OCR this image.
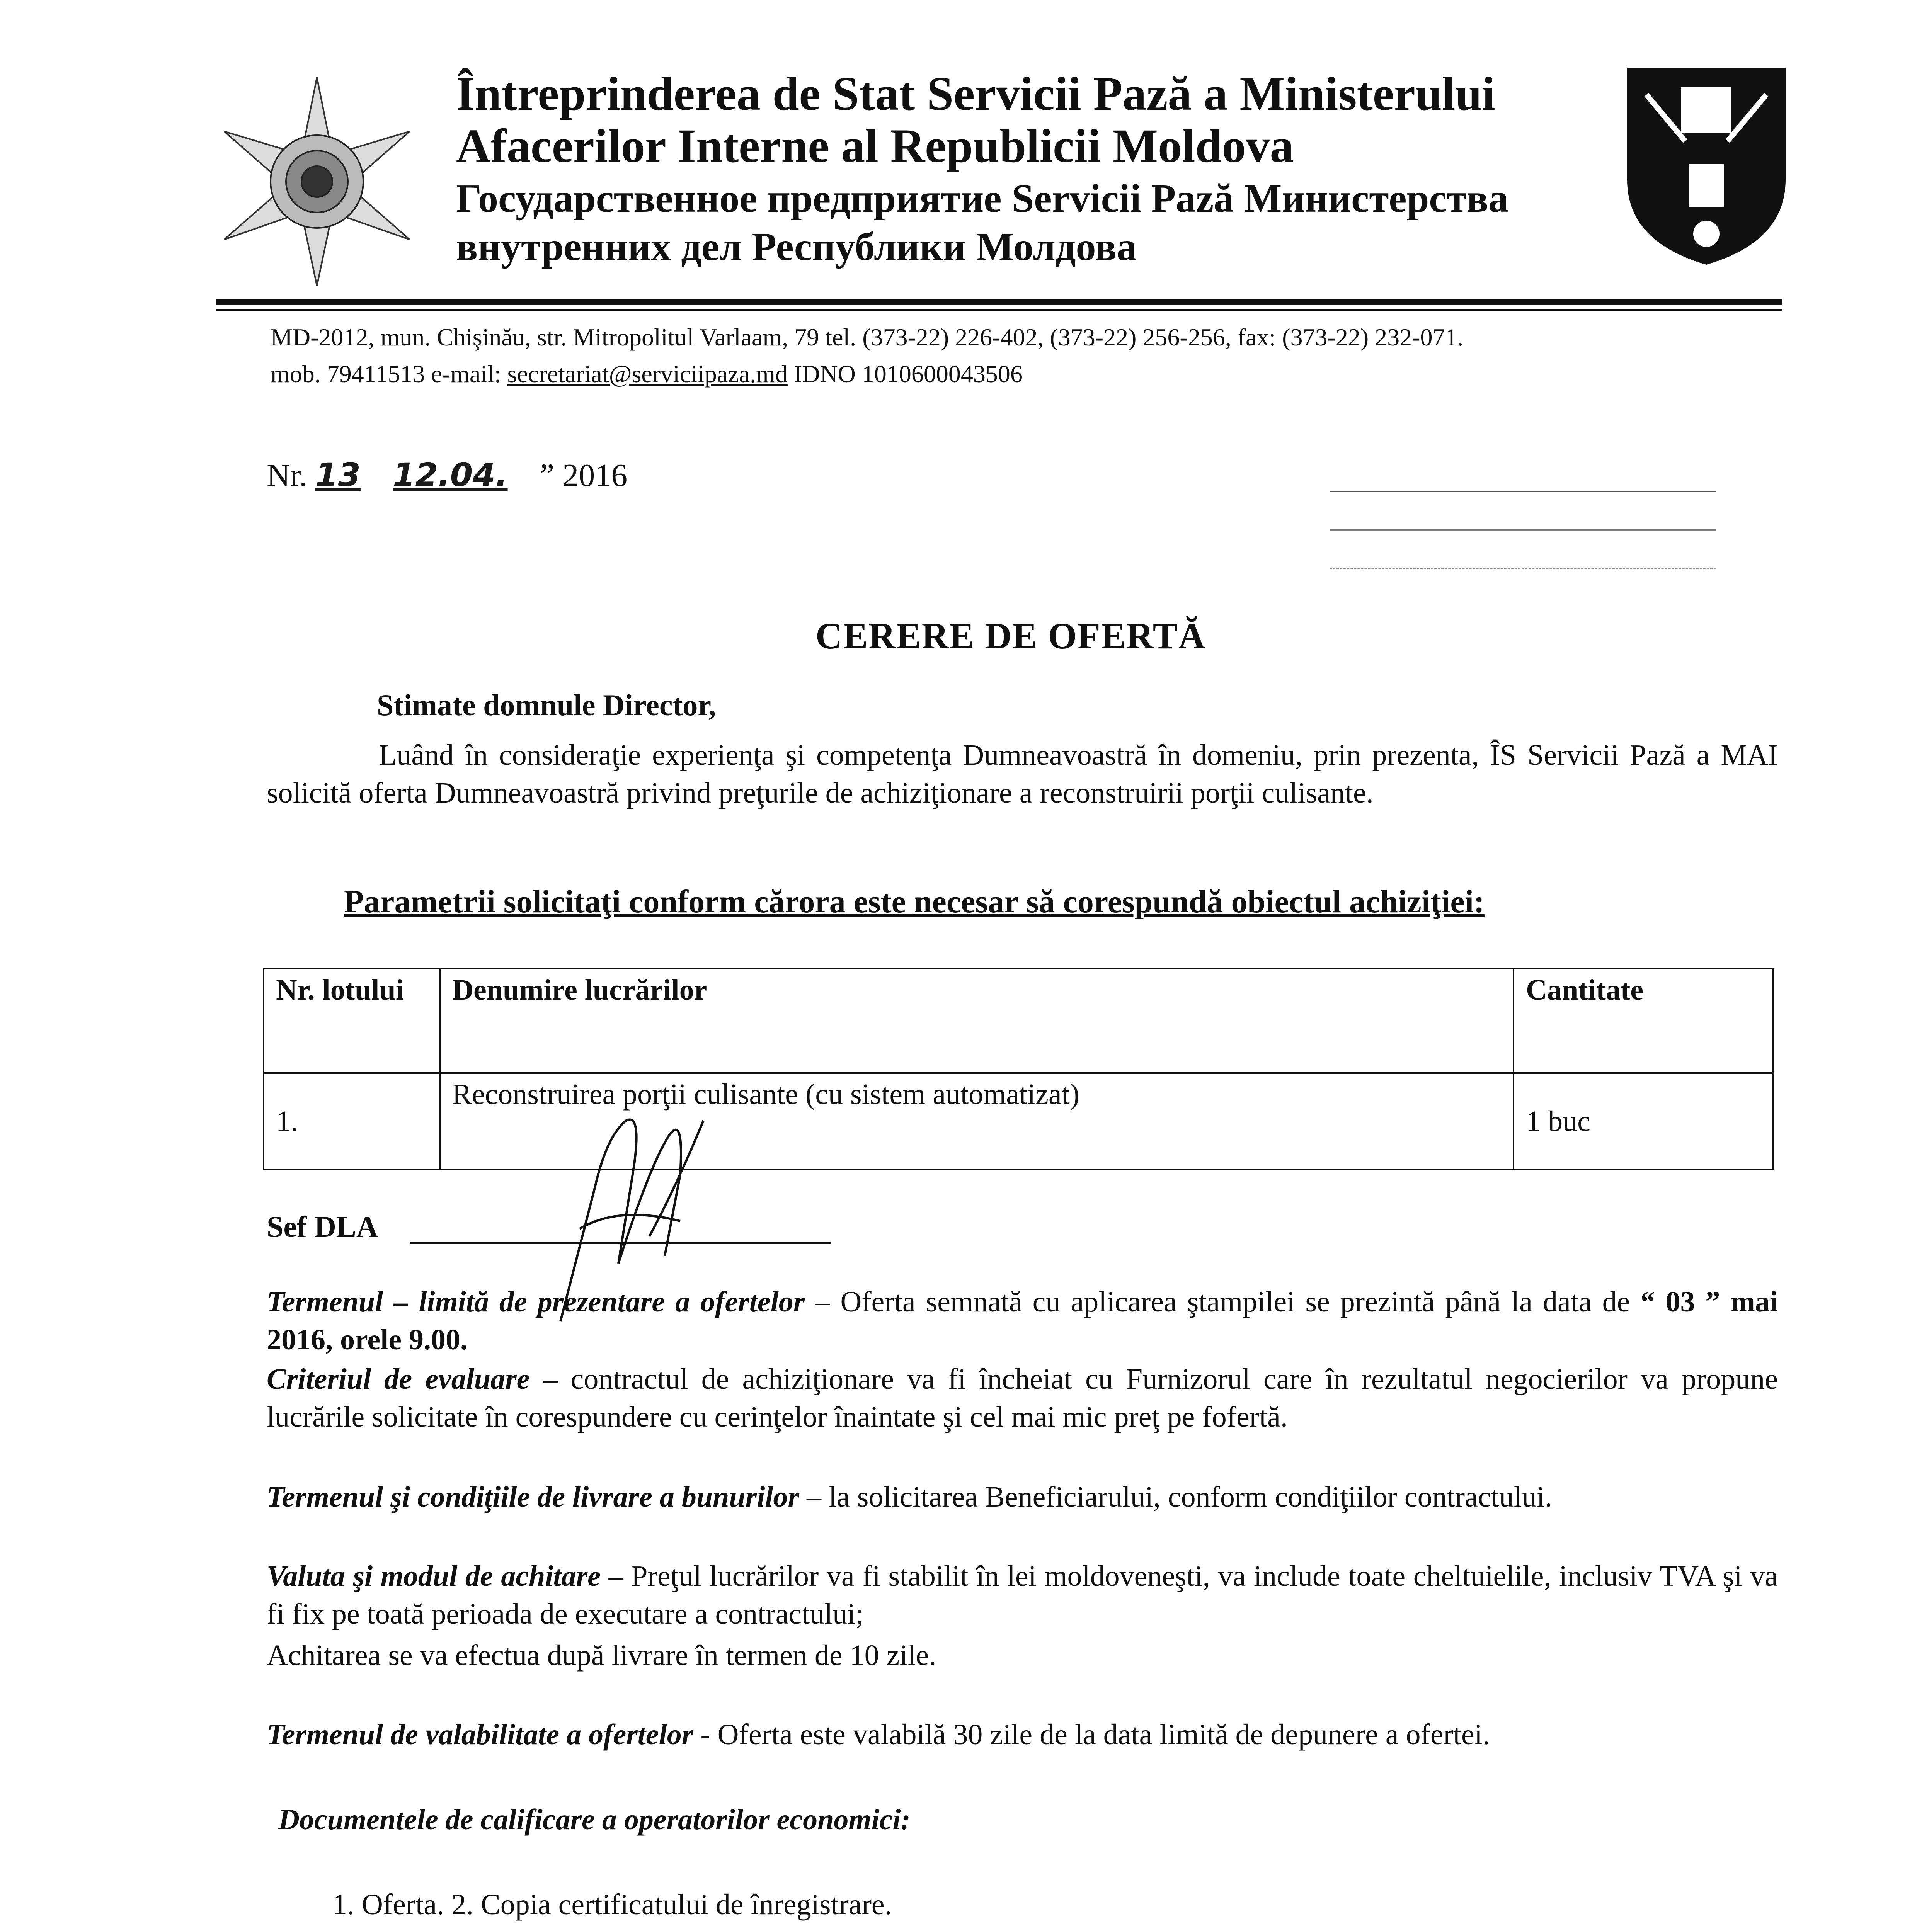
Întreprinderea de Stat Servicii Pază a Ministerului
Afacerilor Interne al Republicii Moldova
Государственное предприятие Servicii Pază Министерства
внутренних дел Республики Молдова
MD-2012, mun. Chişinău, str. Mitropolitul Varlaam, 79 tel. (373-22) 226-402, (373-22) 256-256, fax: (373-22) 232-071.
mob. 79411513 e-mail: secretariat@serviciipaza.md IDNO 1010600043506
Nr. 13 12.04. ” 2016
CERERE DE OFERTĂ
Stimate domnule Director,
Luând în consideraţie experienţa şi competenţa Dumneavoastră în domeniu, prin prezenta, ÎS Servicii Pază a MAI solicită oferta Dumneavoastră privind preţurile de achiziţionare a reconstruirii porţii culisante.
Parametrii solicitaţi conform cărora este necesar să corespundă obiectul achiziţiei:
Nr. lotului	Denumire lucrărilor	Cantitate
1.	Reconstruirea porţii culisante (cu sistem automatizat)	1 buc
Sef DLA
Termenul – limită de prezentare a ofertelor – Oferta semnată cu aplicarea ştampilei se prezintă până la data de “ 03 ” mai 2016, orele 9.00.
Criteriul de evaluare – contractul de achiziţionare va fi încheiat cu Furnizorul care în rezultatul negocierilor va propune lucrările solicitate în corespundere cu cerinţelor înaintate şi cel mai mic preţ pe fofertă.
Termenul şi condiţiile de livrare a bunurilor – la solicitarea Beneficiarului, conform condiţiilor contractului.
Valuta şi modul de achitare – Preţul lucrărilor va fi stabilit în lei moldoveneşti, va include toate cheltuielile, inclusiv TVA şi va fi fix pe toată perioada de executare a contractului;
Achitarea se va efectua după livrare în termen de 10 zile.
Termenul de valabilitate a ofertelor - Oferta este valabilă 30 zile de la data limită de depunere a ofertei.
Documentele de calificare a operatorilor economici:
1. Oferta. 2. Copia certificatului de înregistrare.
